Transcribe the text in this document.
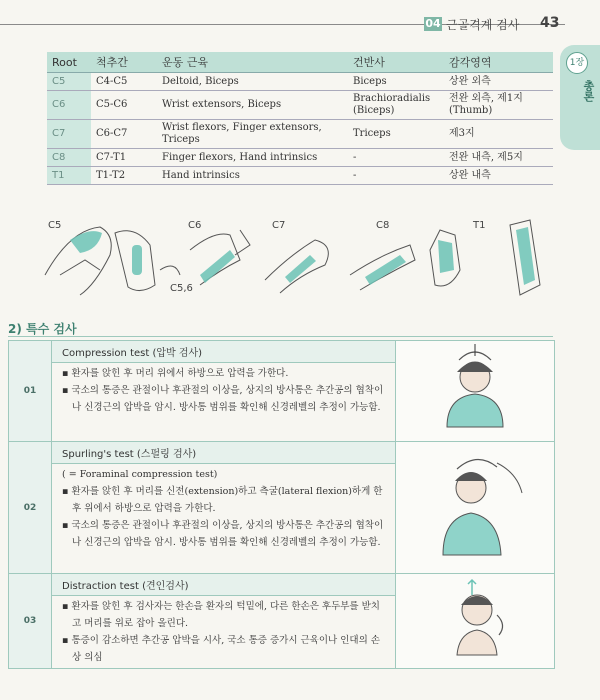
04 근골격계 검사 43
1장
총론
Root	척추간	운동 근육	건반사	감각영역
C5	C4-C5	Deltoid, Biceps	Biceps	상완 외측
C6	C5-C6	Wrist extensors, Biceps	Brachioradialis (Biceps)	전완 외측, 제1지(Thumb)
C7	C6-C7	Wrist flexors, Finger extensors, Triceps	Triceps	제3지
C8	C7-T1	Finger flexors, Hand intrinsics	-	전완 내측, 제5지
T1	T1-T2	Hand intrinsics	-	상완 내측
C5	C6	C7	C8	T1
C5,6
2) 특수 검사
01	Compression test (압박 검사)	

	▪ 환자를 앉힌 후 머리 위에서 하방으로 압력을 가한다.

▪ 국소의 통증은 관절이나 후관절의 이상을, 상지의 방사통은 추간공의 협착이나 신경근의 압박을 암시. 방사통 범위를 확인해 신경레벨의 추정이 가능함.	

02	Spurling's test (스펄링 검사)	

	( = Foraminal compression test)

▪ 환자를 앉힌 후 머리를 신전(extension)하고 측굴(lateral flexion)하게 한 후 위에서 하방으로 압력을 가한다.

▪ 국소의 통증은 관절이나 후관절의 이상을, 상지의 방사통은 추간공의 협착이나 신경근의 압박을 암시. 방사통 범위를 확인해 신경레벨의 추정이 가능함.	

03	Distraction test (견인검사)	

	▪ 환자를 앉힌 후 검사자는 한손을 환자의 턱밑에, 다른 한손은 후두부를 받치고 머리를 위로 잡아 올린다.

▪ 통증이 감소하면 추간공 압박을 시사, 국소 통증 증가시 근육이나 인대의 손상 의심	
